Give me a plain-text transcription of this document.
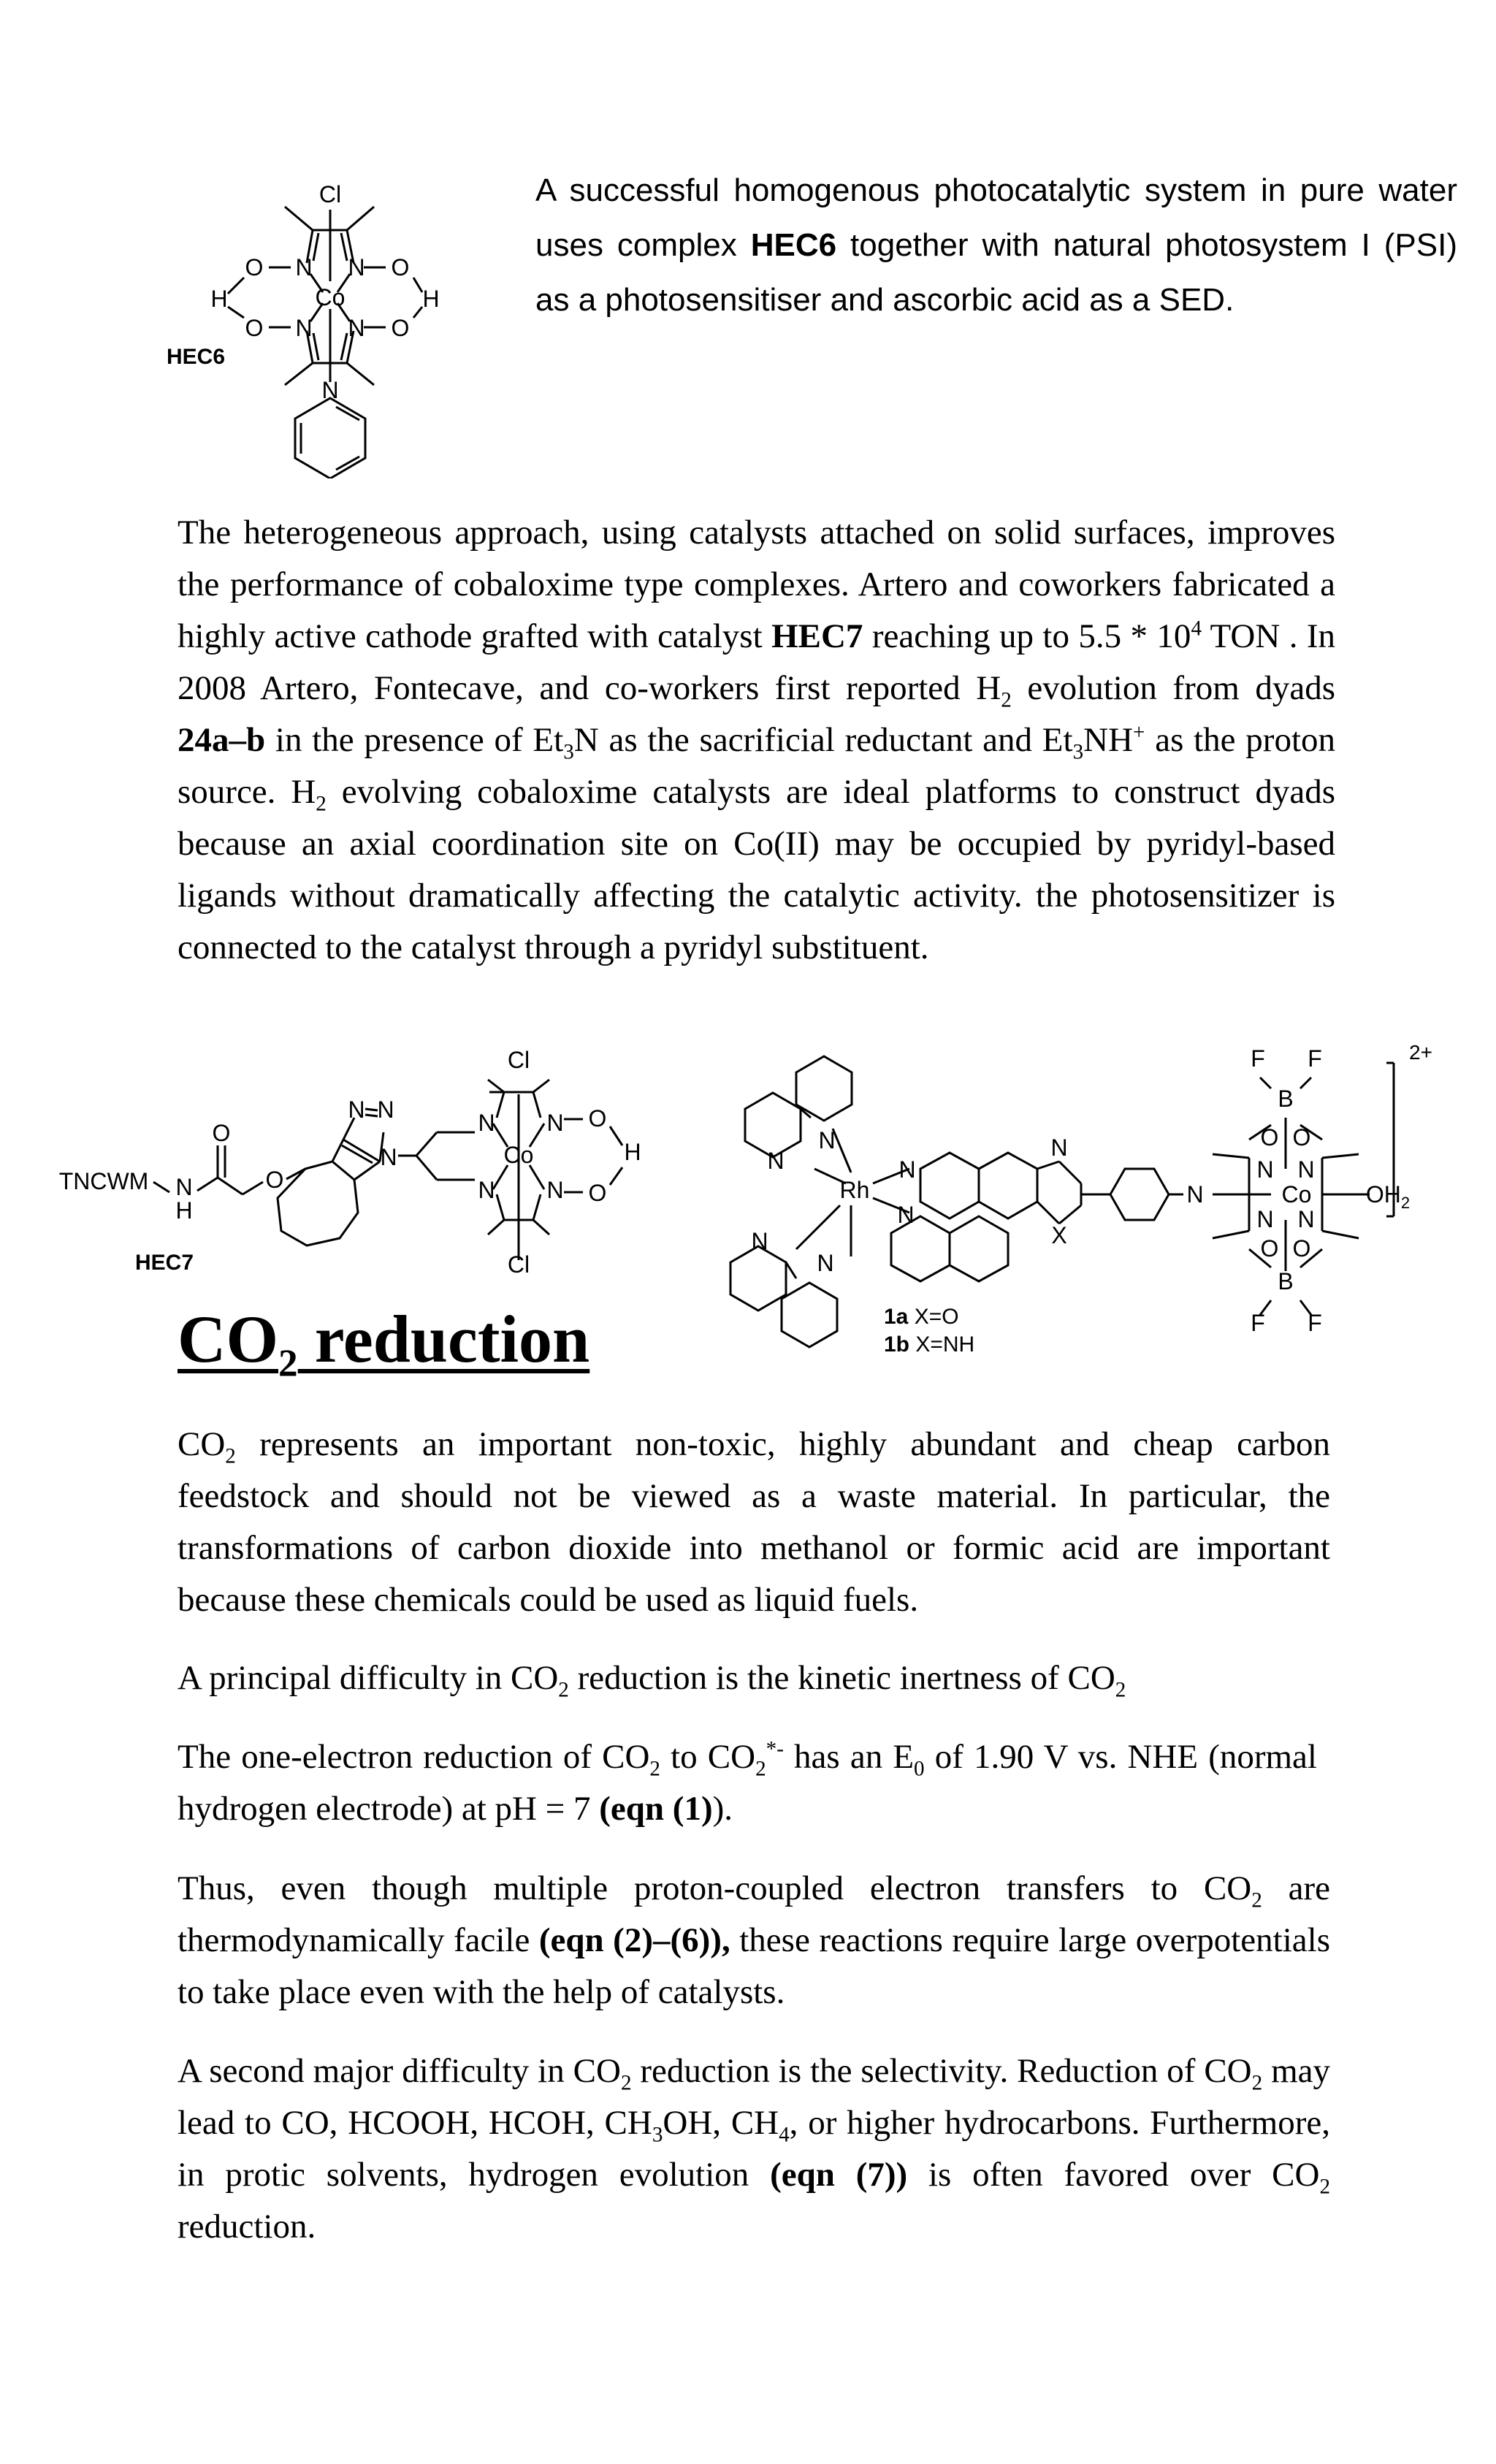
Cl
O N N O
H	Co	H
O N N O
N
HEC6
A successful homogenous photocatalytic system in pure water uses complex HEC6 together with natural photosystem I (PSI) as a photosensitiser and ascorbic acid as a SED.

The heterogeneous approach, using catalysts attached on solid surfaces, improves the performance of cobaloxime type complexes. Artero and coworkers fabricated a highly active cathode grafted with catalyst HEC7 reaching up to $5.5 * 10^4$ TON . In 2008 Artero, Fontecave, and co-workers first reported $H_2$ evolution from dyads 24a–b in the presence of $Et_3N$ as the sacrificial reductant and $Et_3NH^+$ as the proton source. $H_2$ evolving cobaloxime catalysts are ideal platforms to construct dyads because an axial coordination site on Co(II) may be occupied by pyridyl-based ligands without dramatically affecting the catalytic activity. the photosensitizer is connected to the catalyst through a pyridyl substituent.

TNCWM N
H
O
O
N N
N
N
Co
N O
H
N N O
Cl
Cl
HEC7
N
N
Rh
N
N
N
N
N
X
N
F F
B
O O
N N
Co
N N
O O
B
F F
$OH_2$
2+
1a X=O
1b X=NH
$CO_2$ reduction

$CO_2$ represents an important non-toxic, highly abundant and cheap carbon feedstock and should not be viewed as a waste material. In particular, the transformations of carbon dioxide into methanol or formic acid are important because these chemicals could be used as liquid fuels.

A principal difficulty in $CO_2$ reduction is the kinetic inertness of $CO_2$

The one-electron reduction of $CO_2$ to $CO_2^{*-}$ has an $E_0$ of 1.90 V vs. NHE (normal hydrogen electrode) at pH = 7 (eqn (1)).

Thus, even though multiple proton-coupled electron transfers to $CO_2$ are thermodynamically facile (eqn (2)–(6)), these reactions require large overpotentials to take place even with the help of catalysts.

A second major difficulty in $CO_2$ reduction is the selectivity. Reduction of $CO_2$ may lead to CO, HCOOH, HCOH, $CH_3OH$, $CH_4$, or higher hydrocarbons. Furthermore, in protic solvents, hydrogen evolution (eqn (7)) is often favored over $CO_2$ reduction.
